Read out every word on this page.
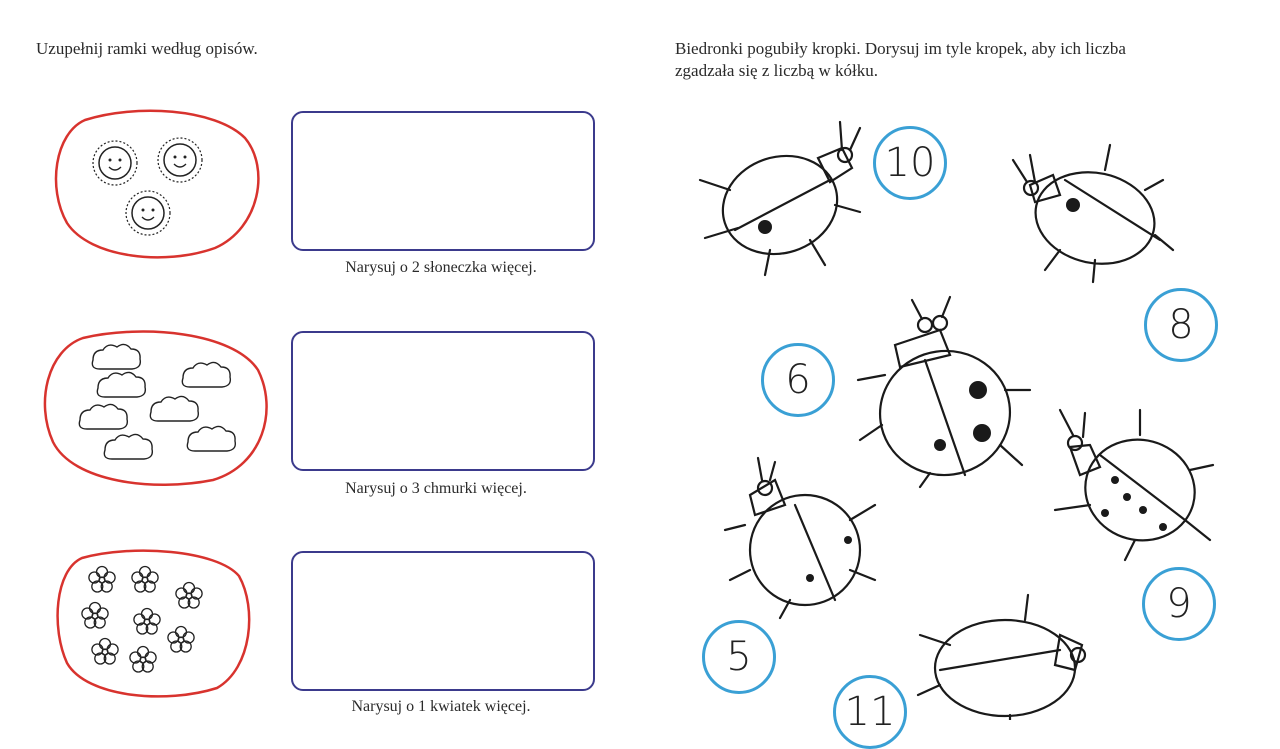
Uzupełnij ramki według opisów.
Narysuj o 2 słoneczka więcej.
Narysuj o 3 chmurki więcej.
Narysuj o 1 kwiatek więcej.
Biedronki pogubiły kropki. Dorysuj im tyle kropek, aby ich liczba
zgadzała się z liczbą w kółku.
10
8
6
9
5
11
